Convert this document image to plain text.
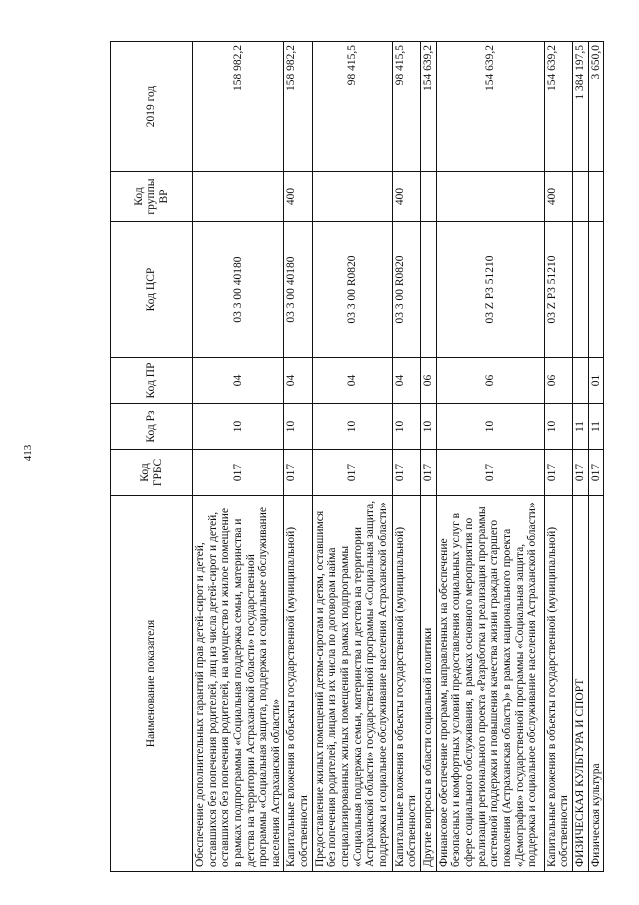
413
Наименование показателя	Код ГРБС	Код Рз	Код ПР	Код ЦСР	Код группы ВР	2019 год
Обеспечение дополнительных гарантий прав детей-сирот и детей, оставшихся без попечения родителей, лиц из числа детей-сирот и детей, оставшихся без попечения родителей, на имущество и жилое помещение в рамках подпрограммы «Социальная поддержка семьи, материнства и детства на территории Астраханской области» государственной программы «Социальная защита, поддержка и социальное обслуживание населения Астраханской области»	017	10	04	03 3 00 40180		158 982,2
Капитальные вложения в объекты государственной (муниципальной) собственности	017	10	04	03 3 00 40180	400	158 982,2
Предоставление жилых помещений детям-сиротам и детям, оставшимся без попечения родителей, лицам из их числа по договорам найма специализированных жилых помещений в рамках подпрограммы «Социальная поддержка семьи, материнства и детства на территории Астраханской области» государственной программы «Социальная защита, поддержка и социальное обслуживание населения Астраханской области»	017	10	04	03 3 00 R0820		98 415,5
Капитальные вложения в объекты государственной (муниципальной) собственности	017	10	04	03 3 00 R0820	400	98 415,5
Другие вопросы в области социальной политики	017	10	06			154 639,2
Финансовое обеспечение программ, направленных на обеспечение безопасных и комфортных условий предоставления социальных услуг в сфере социального обслуживания, в рамках основного мероприятия по реализации регионального проекта «Разработка и реализация программы системной поддержки и повышения качества жизни граждан старшего поколения (Астраханская область)» в рамках национального проекта «Демография» государственной программы «Социальная защита, поддержка и социальное обслуживание населения Астраханской области»	017	10	06	03 Z P3 51210		154 639,2
Капитальные вложения в объекты государственной (муниципальной) собственности	017	10	06	03 Z P3 51210	400	154 639,2
ФИЗИЧЕСКАЯ КУЛЬТУРА И СПОРТ	017	11				1 384 197,5
Физическая культура	017	11	01			3 650,0
